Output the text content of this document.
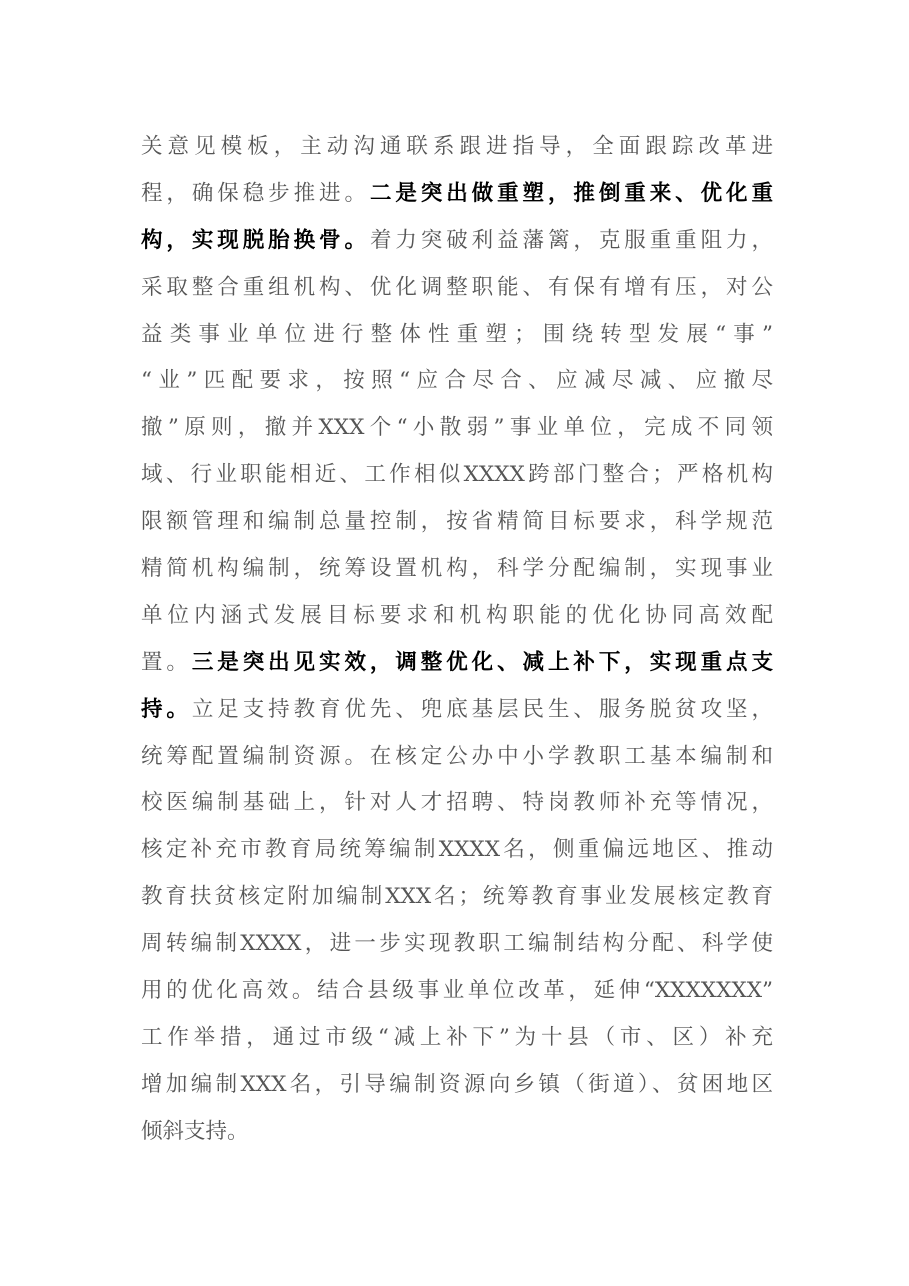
关意见模板，主动沟通联系跟进指导，全面跟踪改革进
程，确保稳步推进。二是突出做重塑，推倒重来、优化重
构，实现脱胎换骨。着力突破利益藩篱，克服重重阻力，
采取整合重组机构、优化调整职能、有保有增有压，对公
益类事业单位进行整体性重塑；围绕转型发展“事”
“业”匹配要求，按照“应合尽合、应减尽减、应撤尽
撤”原则，撤并XXX个“小散弱”事业单位，完成不同领
域、行业职能相近、工作相似XXXX跨部门整合；严格机构
限额管理和编制总量控制，按省精简目标要求，科学规范
精简机构编制，统筹设置机构，科学分配编制，实现事业
单位内涵式发展目标要求和机构职能的优化协同高效配
置。三是突出见实效，调整优化、减上补下，实现重点支
持。立足支持教育优先、兜底基层民生、服务脱贫攻坚，
统筹配置编制资源。在核定公办中小学教职工基本编制和
校医编制基础上，针对人才招聘、特岗教师补充等情况，
核定补充市教育局统筹编制XXXX名，侧重偏远地区、推动
教育扶贫核定附加编制XXX名；统筹教育事业发展核定教育
周转编制XXXX，进一步实现教职工编制结构分配、科学使
用的优化高效。结合县级事业单位改革，延伸“XXXXXXX”
工作举措，通过市级“减上补下”为十县（市、区）补充
增加编制XXX名，引导编制资源向乡镇（街道）、贫困地区
倾斜支持。
